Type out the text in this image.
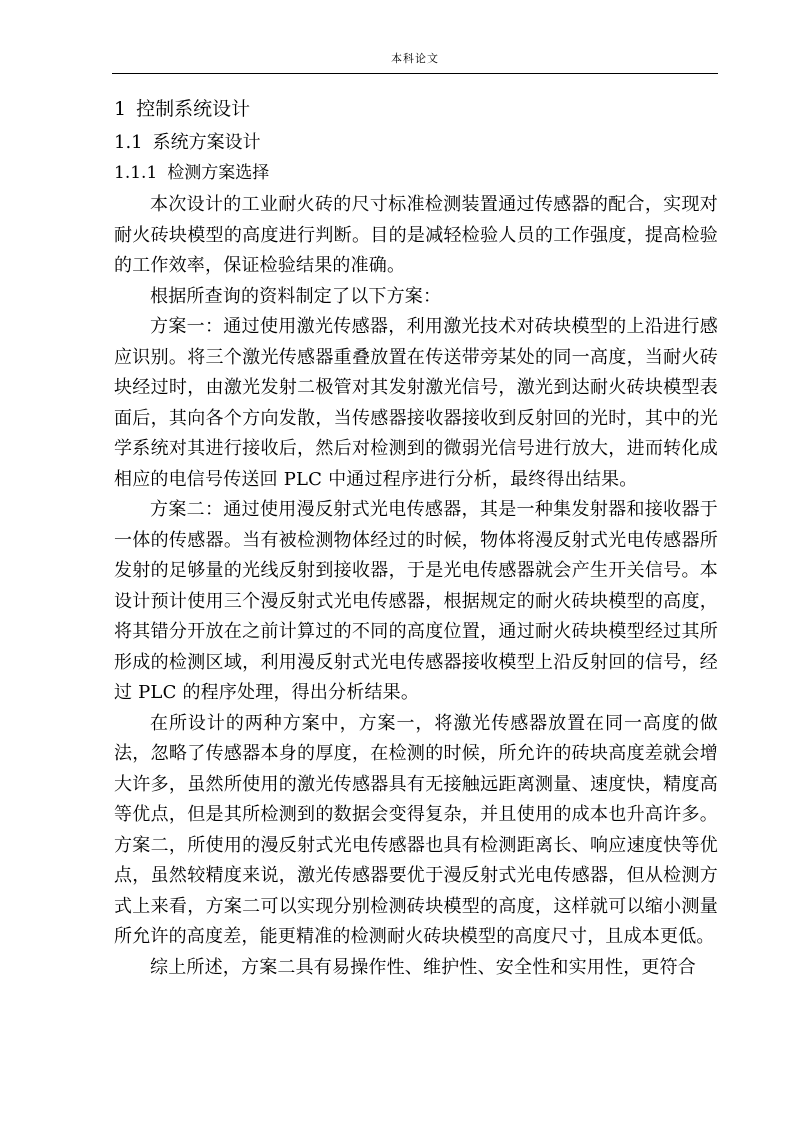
本科论文
1 控制系统设计
1.1 系统方案设计
1.1.1 检测方案选择

本次设计的工业耐火砖的尺寸标准检测装置通过传感器的配合，实现对耐火砖块模型的高度进行判断。目的是减轻检验人员的工作强度，提高检验的工作效率，保证检验结果的准确。

根据所查询的资料制定了以下方案：

方案一：通过使用激光传感器，利用激光技术对砖块模型的上沿进行感应识别。将三个激光传感器重叠放置在传送带旁某处的同一高度，当耐火砖块经过时，由激光发射二极管对其发射激光信号，激光到达耐火砖块模型表面后，其向各个方向发散，当传感器接收器接收到反射回的光时，其中的光学系统对其进行接收后，然后对检测到的微弱光信号进行放大，进而转化成相应的电信号传送回 PLC 中通过程序进行分析，最终得出结果。

方案二：通过使用漫反射式光电传感器，其是一种集发射器和接收器于一体的传感器。当有被检测物体经过的时候，物体将漫反射式光电传感器所发射的足够量的光线反射到接收器，于是光电传感器就会产生开关信号。本设计预计使用三个漫反射式光电传感器，根据规定的耐火砖块模型的高度，将其错分开放在之前计算过的不同的高度位置，通过耐火砖块模型经过其所形成的检测区域，利用漫反射式光电传感器接收模型上沿反射回的信号，经过 PLC 的程序处理，得出分析结果。

在所设计的两种方案中，方案一，将激光传感器放置在同一高度的做法，忽略了传感器本身的厚度，在检测的时候，所允许的砖块高度差就会增大许多，虽然所使用的激光传感器具有无接触远距离测量、速度快，精度高等优点，但是其所检测到的数据会变得复杂，并且使用的成本也升高许多。方案二，所使用的漫反射式光电传感器也具有检测距离长、响应速度快等优点，虽然较精度来说，激光传感器要优于漫反射式光电传感器，但从检测方式上来看，方案二可以实现分别检测砖块模型的高度，这样就可以缩小测量所允许的高度差，能更精准的检测耐火砖块模型的高度尺寸，且成本更低。

综上所述，方案二具有易操作性、维护性、安全性和实用性，更符合
